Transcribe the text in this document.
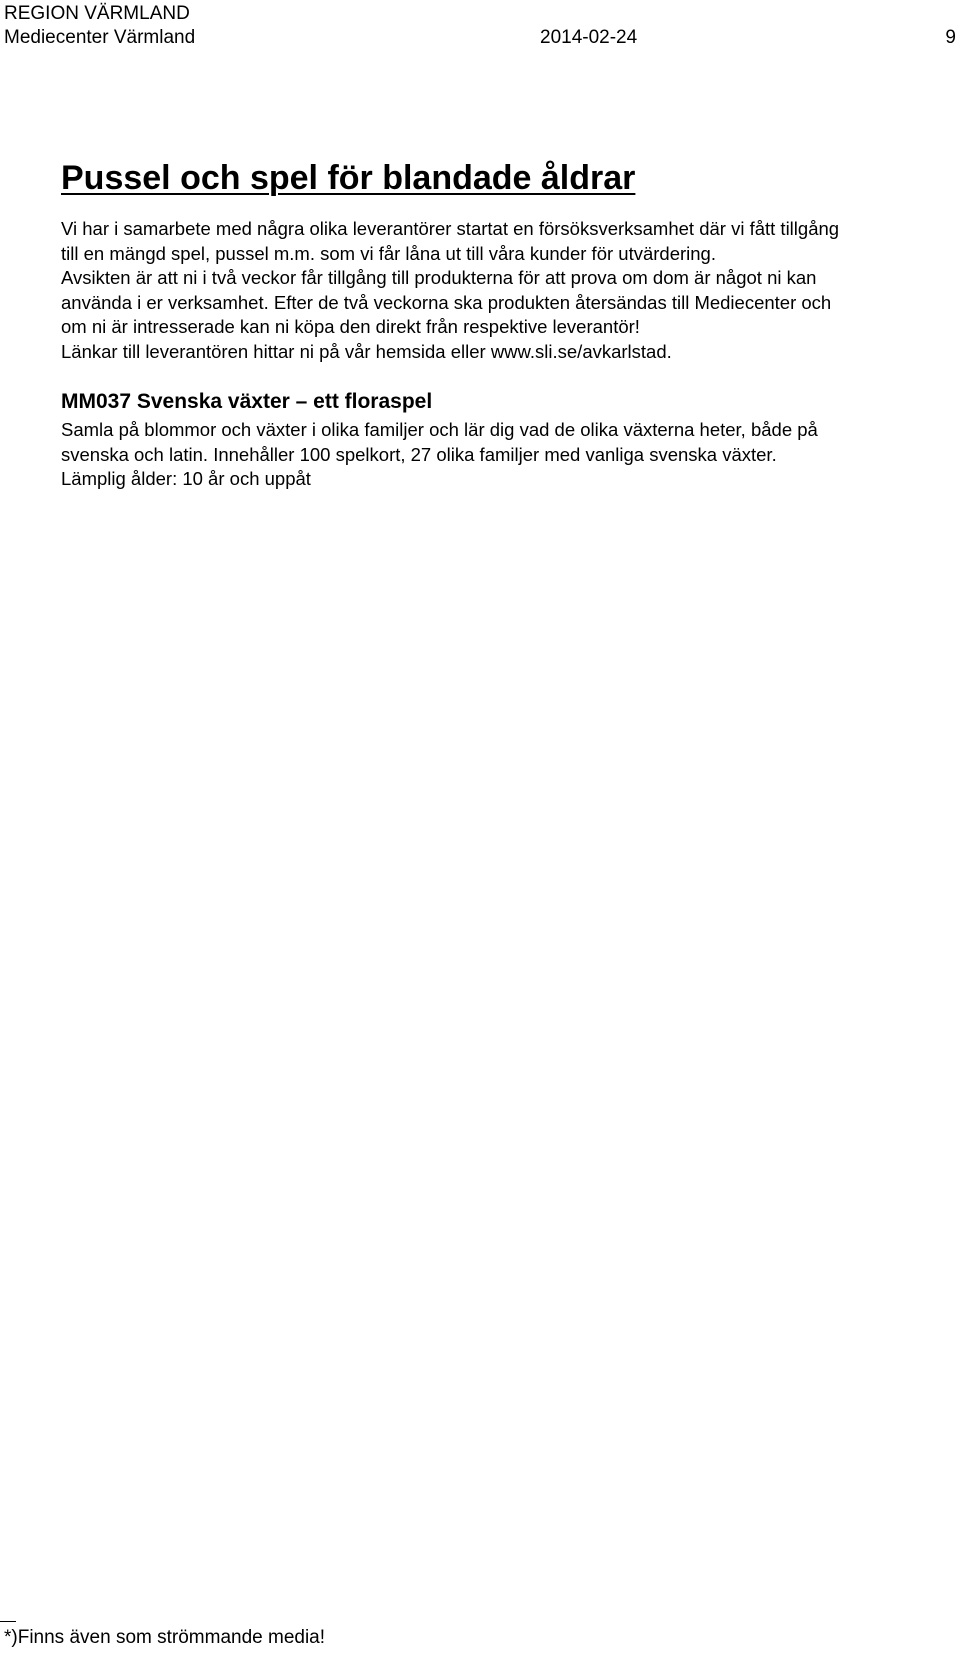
REGION VÄRMLAND
Mediecenter Värmland	2014-02-24	9
Pussel och spel för blandade åldrar

Vi har i samarbete med några olika leverantörer startat en försöksverksamhet där vi fått tillgång
till en mängd spel, pussel m.m. som vi får låna ut till våra kunder för utvärdering.
Avsikten är att ni i två veckor får tillgång till produkterna för att prova om dom är något ni kan
använda i er verksamhet. Efter de två veckorna ska produkten återsändas till Mediecenter och
om ni är intresserade kan ni köpa den direkt från respektive leverantör!
Länkar till leverantören hittar ni på vår hemsida eller www.sli.se/avkarlstad.

MM037 Svenska växter – ett floraspel

Samla på blommor och växter i olika familjer och lär dig vad de olika växterna heter, både på
svenska och latin. Innehåller 100 spelkort, 27 olika familjer med vanliga svenska växter.
Lämplig ålder: 10 år och uppåt

*)Finns även som strömmande media!
